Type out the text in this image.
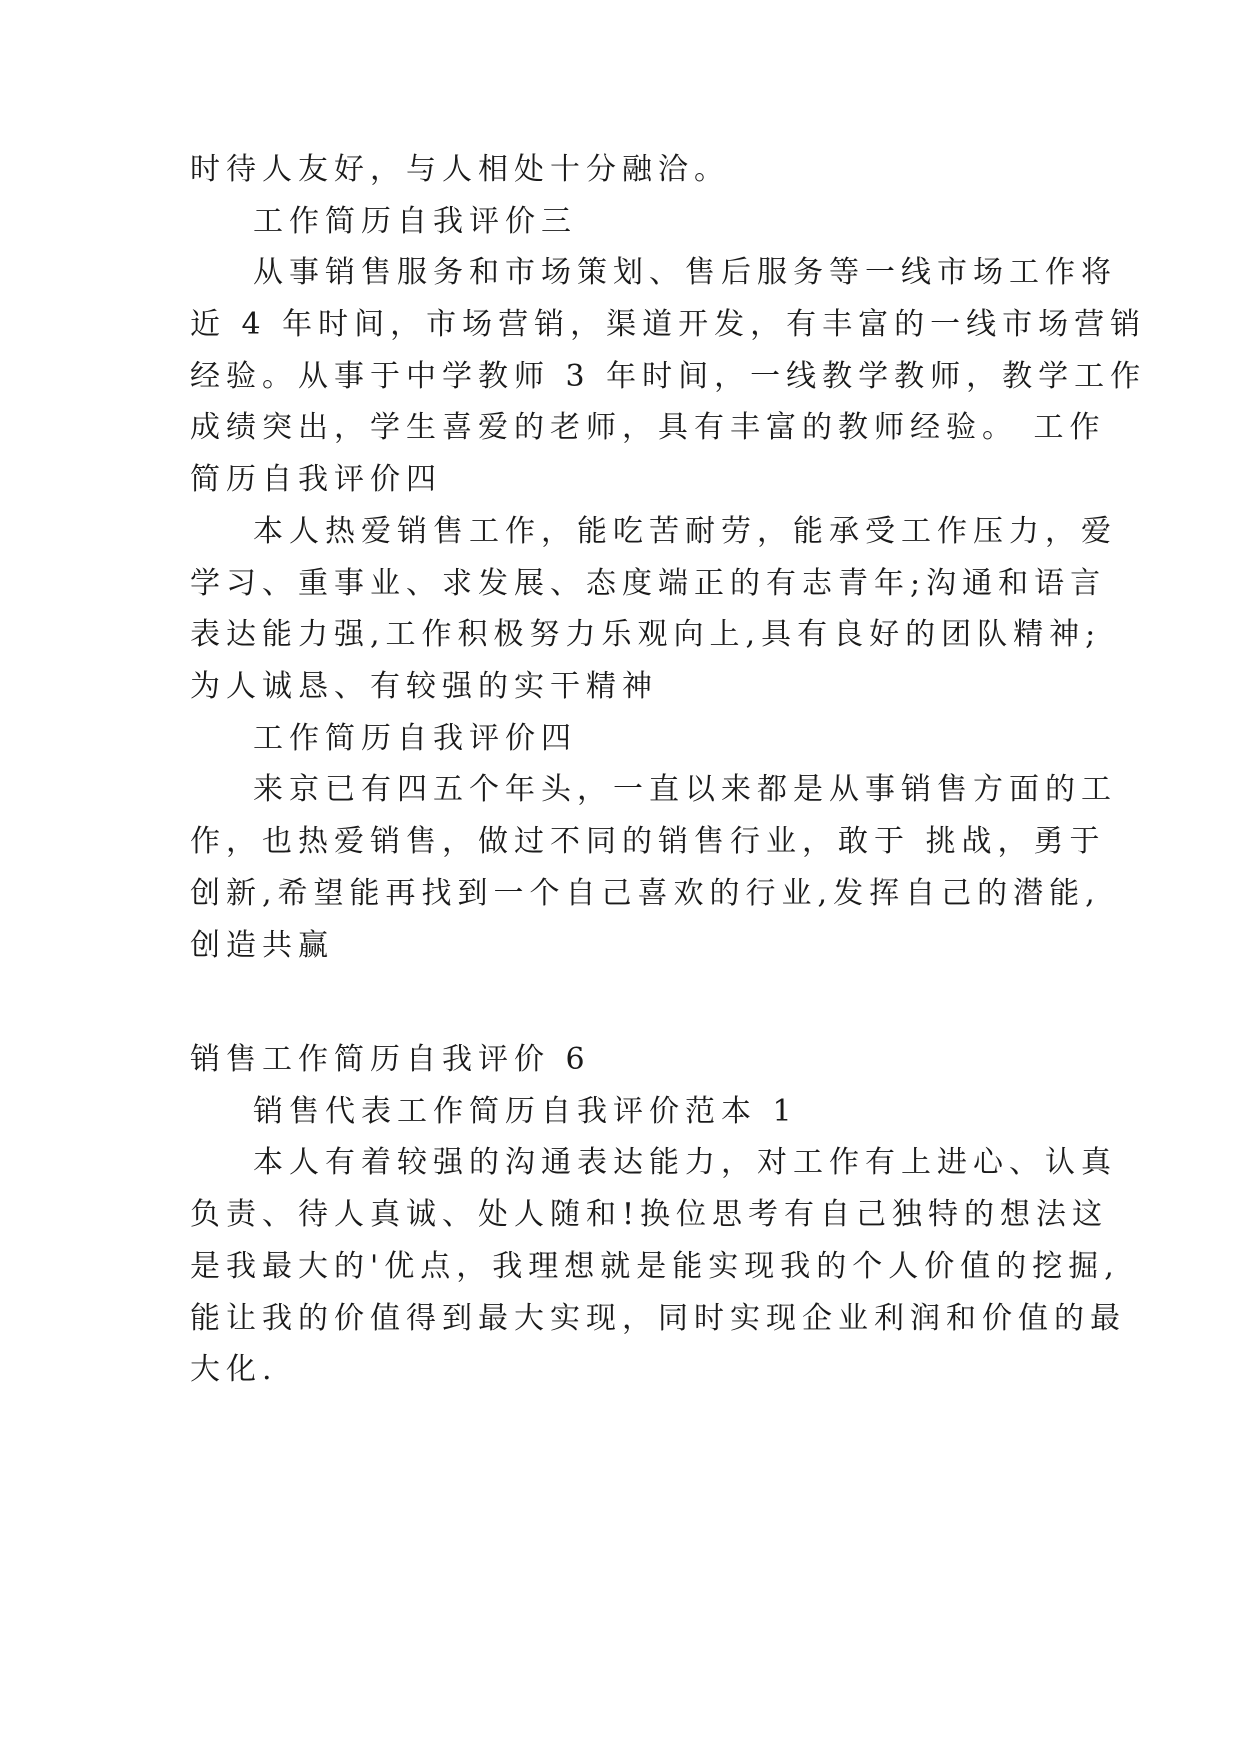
时待人友好，与人相处十分融洽。
工作简历自我评价三
从事销售服务和市场策划、售后服务等一线市场工作将
近 4 年时间，市场营销，渠道开发，有丰富的一线市场营销
经验。从事于中学教师 3 年时间，一线教学教师，教学工作
成绩突出，学生喜爱的老师，具有丰富的教师经验。 工作
简历自我评价四
本人热爱销售工作，能吃苦耐劳，能承受工作压力，爱
学习、重事业、求发展、态度端正的有志青年;沟通和语言
表达能力强,工作积极努力乐观向上,具有良好的团队精神;
为人诚恳、有较强的实干精神
工作简历自我评价四
来京已有四五个年头，一直以来都是从事销售方面的工
作，也热爱销售，做过不同的销售行业，敢于 挑战，勇于
创新,希望能再找到一个自己喜欢的行业,发挥自己的潜能,
创造共赢
销售工作简历自我评价 6
销售代表工作简历自我评价范本 1
本人有着较强的沟通表达能力，对工作有上进心、认真
负责、待人真诚、处人随和!换位思考有自己独特的想法这
是我最大的'优点，我理想就是能实现我的个人价值的挖掘,
能让我的价值得到最大实现，同时实现企业利润和价值的最
大化.
